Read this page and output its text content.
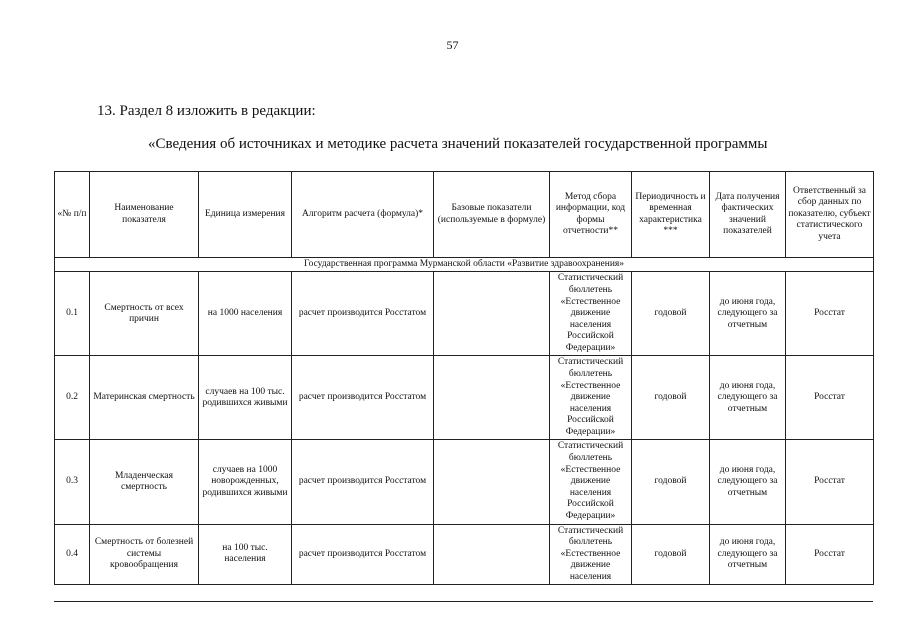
57
13. Раздел 8 изложить в редакции:
«Сведения об источниках и методике расчета значений показателей государственной программы
«№ п/п	Наименование показателя	Единица измерения	Алгоритм расчета (формула)*	Базовые показатели (используемые в формуле)	Метод сбора информации, код формы отчетности**	Периодичность и временная характеристика ***	Дата получения фактических значений показателей	Ответственный за сбор данных по показателю, субъект статистического учета
Государственная программа Мурманской области «Развитие здравоохранения»								
0.1	Смертность от всех причин	на 1000 населения	расчет производится Росстатом		Статистический бюллетень «Естественное движение населения Российской Федерации»	годовой	до июня года, следующего за отчетным	Росстат
0.2	Материнская смертность	случаев на 100 тыс. родившихся живыми	расчет производится Росстатом		Статистический бюллетень «Естественное движение населения Российской Федерации»	годовой	до июня года, следующего за отчетным	Росстат
0.3	Младенческая смертность	случаев на 1000 новорожденных, родившихся живыми	расчет производится Росстатом		Статистический бюллетень «Естественное движение населения Российской Федерации»	годовой	до июня года, следующего за отчетным	Росстат
0.4	Смертность от болезней системы кровообращения	на 100 тыс. населения	расчет производится Росстатом		Статистический бюллетень «Естественное движение населения	годовой	до июня года, следующего за отчетным	Росстат
